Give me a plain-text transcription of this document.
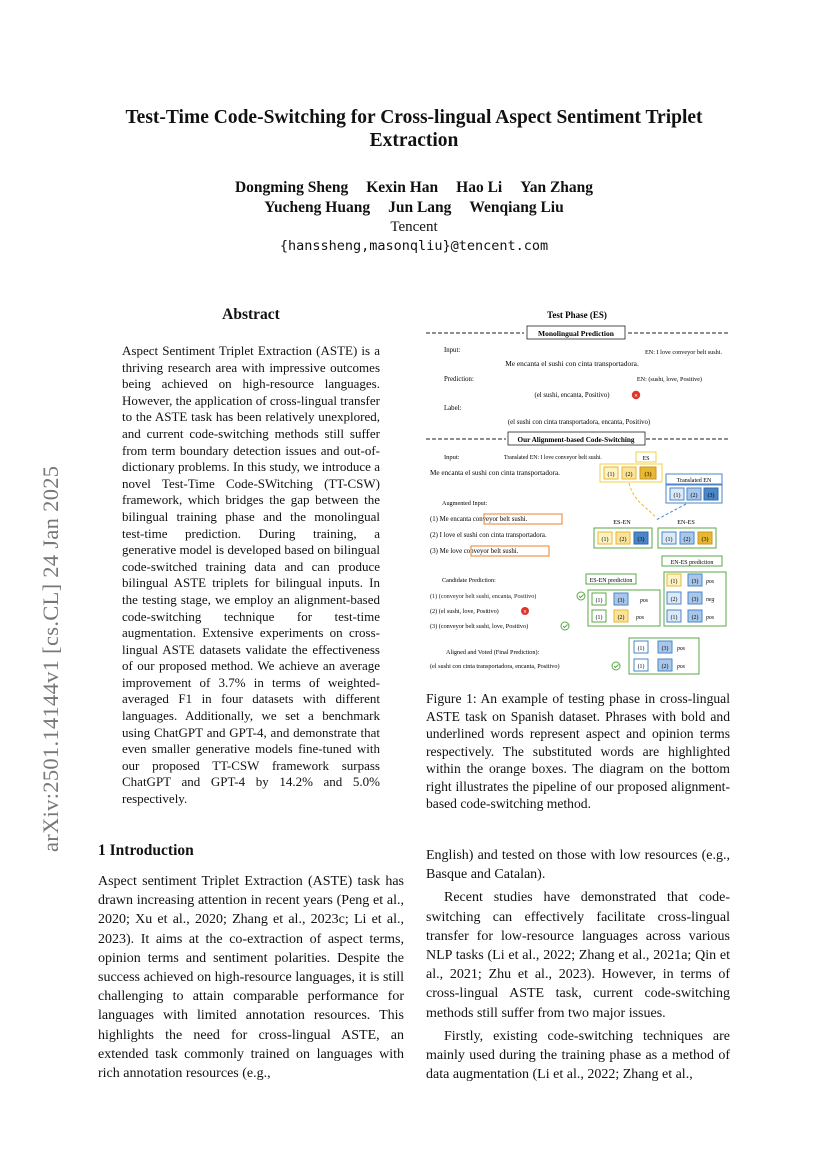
Test-Time Code-Switching for Cross-lingual Aspect Sentiment Triplet Extraction
Dongming Sheng Kexin Han Hao Li Yan Zhang
Yucheng Huang Jun Lang Wenqiang Liu
Tencent
{hanssheng,masonqliu}@tencent.com
arXiv:2501.14144v1 [cs.CL] 24 Jan 2025
Abstract
Aspect Sentiment Triplet Extraction (ASTE) is a thriving research area with impressive outcomes being achieved on high-resource languages. However, the application of cross-lingual transfer to the ASTE task has been relatively unexplored, and current code-switching methods still suffer from term boundary detection issues and out-of-dictionary problems. In this study, we introduce a novel Test-Time Code-SWitching (TT-CSW) framework, which bridges the gap between the bilingual training phase and the monolingual test-time prediction. During training, a generative model is developed based on bilingual code-switched training data and can produce bilingual ASTE triplets for bilingual inputs. In the testing stage, we employ an alignment-based code-switching technique for test-time augmentation. Extensive experiments on cross-lingual ASTE datasets validate the effectiveness of our proposed method. We achieve an average improvement of 3.7% in terms of weighted-averaged F1 in four datasets with different languages. Additionally, we set a benchmark using ChatGPT and GPT-4, and demonstrate that even smaller generative models fine-tuned with our proposed TT-CSW framework surpass ChatGPT and GPT-4 by 14.2% and 5.0% respectively.
Test Phase (ES)
Monolingual Prediction
Input:	EN: I love conveyor belt sushi.
Me encanta el sushi con cinta transportadora.
Prediction:	EN: (sushi, love, Positive)
(el sushi, encanta, Positivo)	×
Label:
(el sushi con cinta transportadora, encanta, Positivo)
Our Alignment-based Code-Switching
Input:	Translated EN: I love conveyor belt sushi.	ES
Me encanta el sushi con cinta transportadora.	(1) (2) (3)
Translated EN
(1) (2) (3)
Augmented Input:
(1) Me encanta conveyor belt sushi.
(2) I love el sushi con cinta transportadora.
(3) Me love conveyor belt sushi.
ES-EN	EN-ES
(1) (2) (3)	(1) (2) (3)
EN-ES prediction
ES-EN prediction
Candidate Prediction:
(1) (conveyor belt sushi, encanta, Positivo)
(2) (el sushi, love, Positivo)	×
(3) (conveyor belt sushi, love, Positivo)
(1)	(3)	pos
(1)	(2) pos
(1) (3) pos
(2) (3) neg
(1) (2) pos
Aligned and Voted (Final Prediction):
(el sushi con cinta transportadora, encanta, Positivo)
(1)	(3) pos
(1)	(2) pos
Figure 1: An example of testing phase in cross-lingual ASTE task on Spanish dataset. Phrases with bold and underlined words represent aspect and opinion terms respectively. The substituted words are highlighted within the orange boxes. The diagram on the bottom right illustrates the pipeline of our proposed alignment-based code-switching method.
1 Introduction
Aspect sentiment Triplet Extraction (ASTE) task has drawn increasing attention in recent years (Peng et al., 2020; Xu et al., 2020; Zhang et al., 2023c; Li et al., 2023). It aims at the co-extraction of aspect terms, opinion terms and sentiment polarities. Despite the success achieved on high-resource languages, it is still challenging to attain comparable performance for languages with limited annotation resources. This highlights the need for cross-lingual ASTE, an extended task commonly trained on languages with rich annotation resources (e.g.,

English) and tested on those with low resources (e.g., Basque and Catalan).

Recent studies have demonstrated that code-switching can effectively facilitate cross-lingual transfer for low-resource languages across various NLP tasks (Li et al., 2022; Zhang et al., 2021a; Qin et al., 2021; Zhu et al., 2023). However, in terms of cross-lingual ASTE task, current code-switching methods still suffer from two major issues.

Firstly, existing code-switching techniques are mainly used during the training phase as a method of data augmentation (Li et al., 2022; Zhang et al.,
